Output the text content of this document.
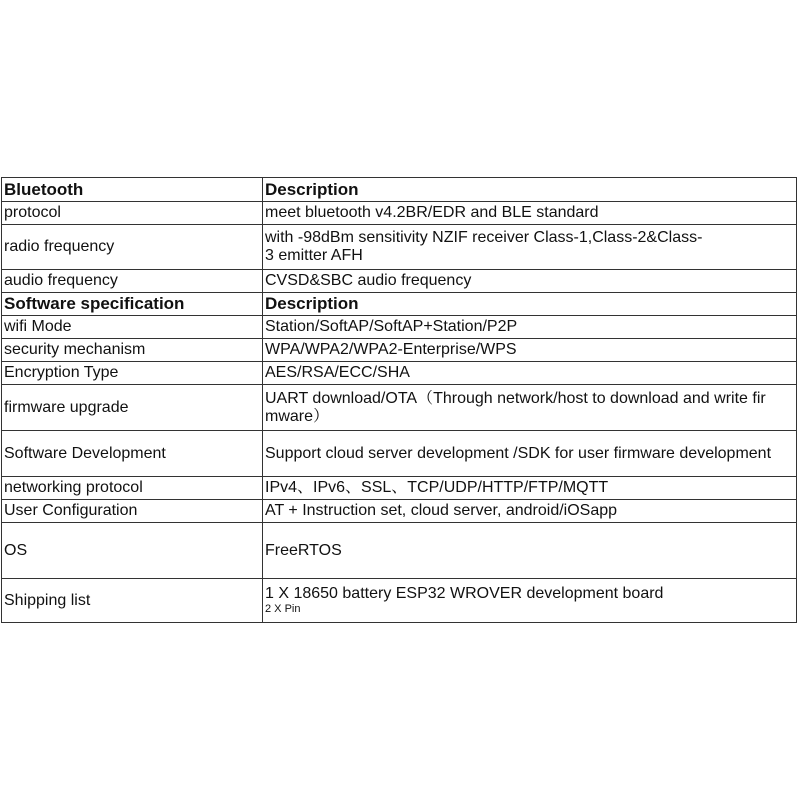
Bluetooth	Description
protocol	meet bluetooth v4.2BR/EDR and BLE standard

radio frequency	with -98dBm sensitivity NZIF receiver Class-1,Class-2&Class-
3 emitter AFH

audio frequency	CVSD&SBC audio frequency

Software specification	Description
wifi Mode	Station/SoftAP/SoftAP+Station/P2P

security mechanism	WPA/WPA2/WPA2-Enterprise/WPS

Encryption Type	AES/RSA/ECC/SHA

firmware upgrade	UART download/OTA（Through network/host to download and write fir
mware）

Software Development	Support cloud server development /SDK for user firmware development

networking protocol	IPv4、IPv6、SSL、TCP/UDP/HTTP/FTP/MQTT

User Configuration	AT + Instruction set, cloud server, android/iOSapp

OS	FreeRTOS

Shipping list	1 X 18650 battery ESP32 WROVER development board
2 X Pin
